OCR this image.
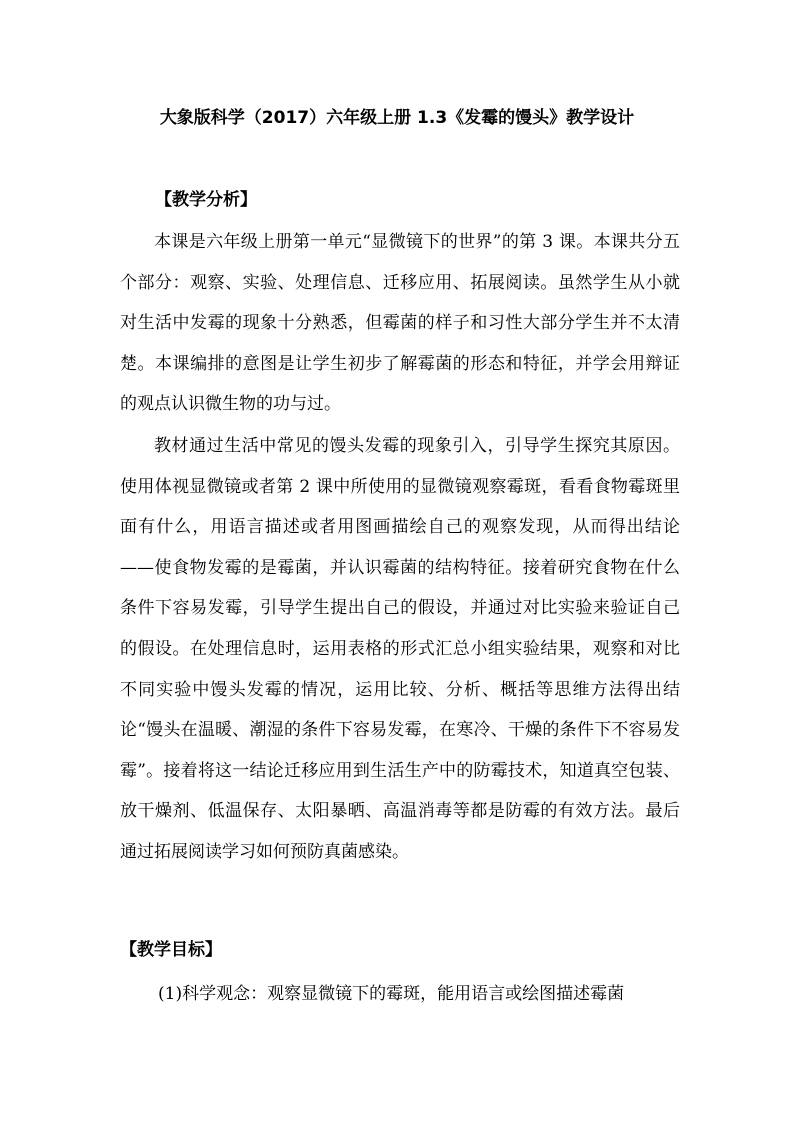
大象版科学（2017）六年级上册 1.3《发霉的馒头》教学设计
【教学分析】

本课是六年级上册第一单元“显微镜下的世界”的第 3 课。本课共分五个部分：观察、实验、处理信息、迁移应用、拓展阅读。虽然学生从小就对生活中发霉的现象十分熟悉，但霉菌的样子和习性大部分学生并不太清楚。本课编排的意图是让学生初步了解霉菌的形态和特征，并学会用辩证的观点认识微生物的功与过。

教材通过生活中常见的馒头发霉的现象引入，引导学生探究其原因。使用体视显微镜或者第 2 课中所使用的显微镜观察霉斑，看看食物霉斑里面有什么，用语言描述或者用图画描绘自己的观察发现，从而得出结论——使食物发霉的是霉菌，并认识霉菌的结构特征。接着研究食物在什么条件下容易发霉，引导学生提出自己的假设，并通过对比实验来验证自己的假设。在处理信息时，运用表格的形式汇总小组实验结果，观察和对比不同实验中馒头发霉的情况，运用比较、分析、概括等思维方法得出结论“馒头在温暖、潮湿的条件下容易发霉，在寒冷、干燥的条件下不容易发霉”。接着将这一结论迁移应用到生活生产中的防霉技术，知道真空包装、放干燥剂、低温保存、太阳暴晒、高温消毒等都是防霉的有效方法。最后通过拓展阅读学习如何预防真菌感染。

【教学目标】

(1)科学观念：观察显微镜下的霉斑，能用语言或绘图描述霉菌
